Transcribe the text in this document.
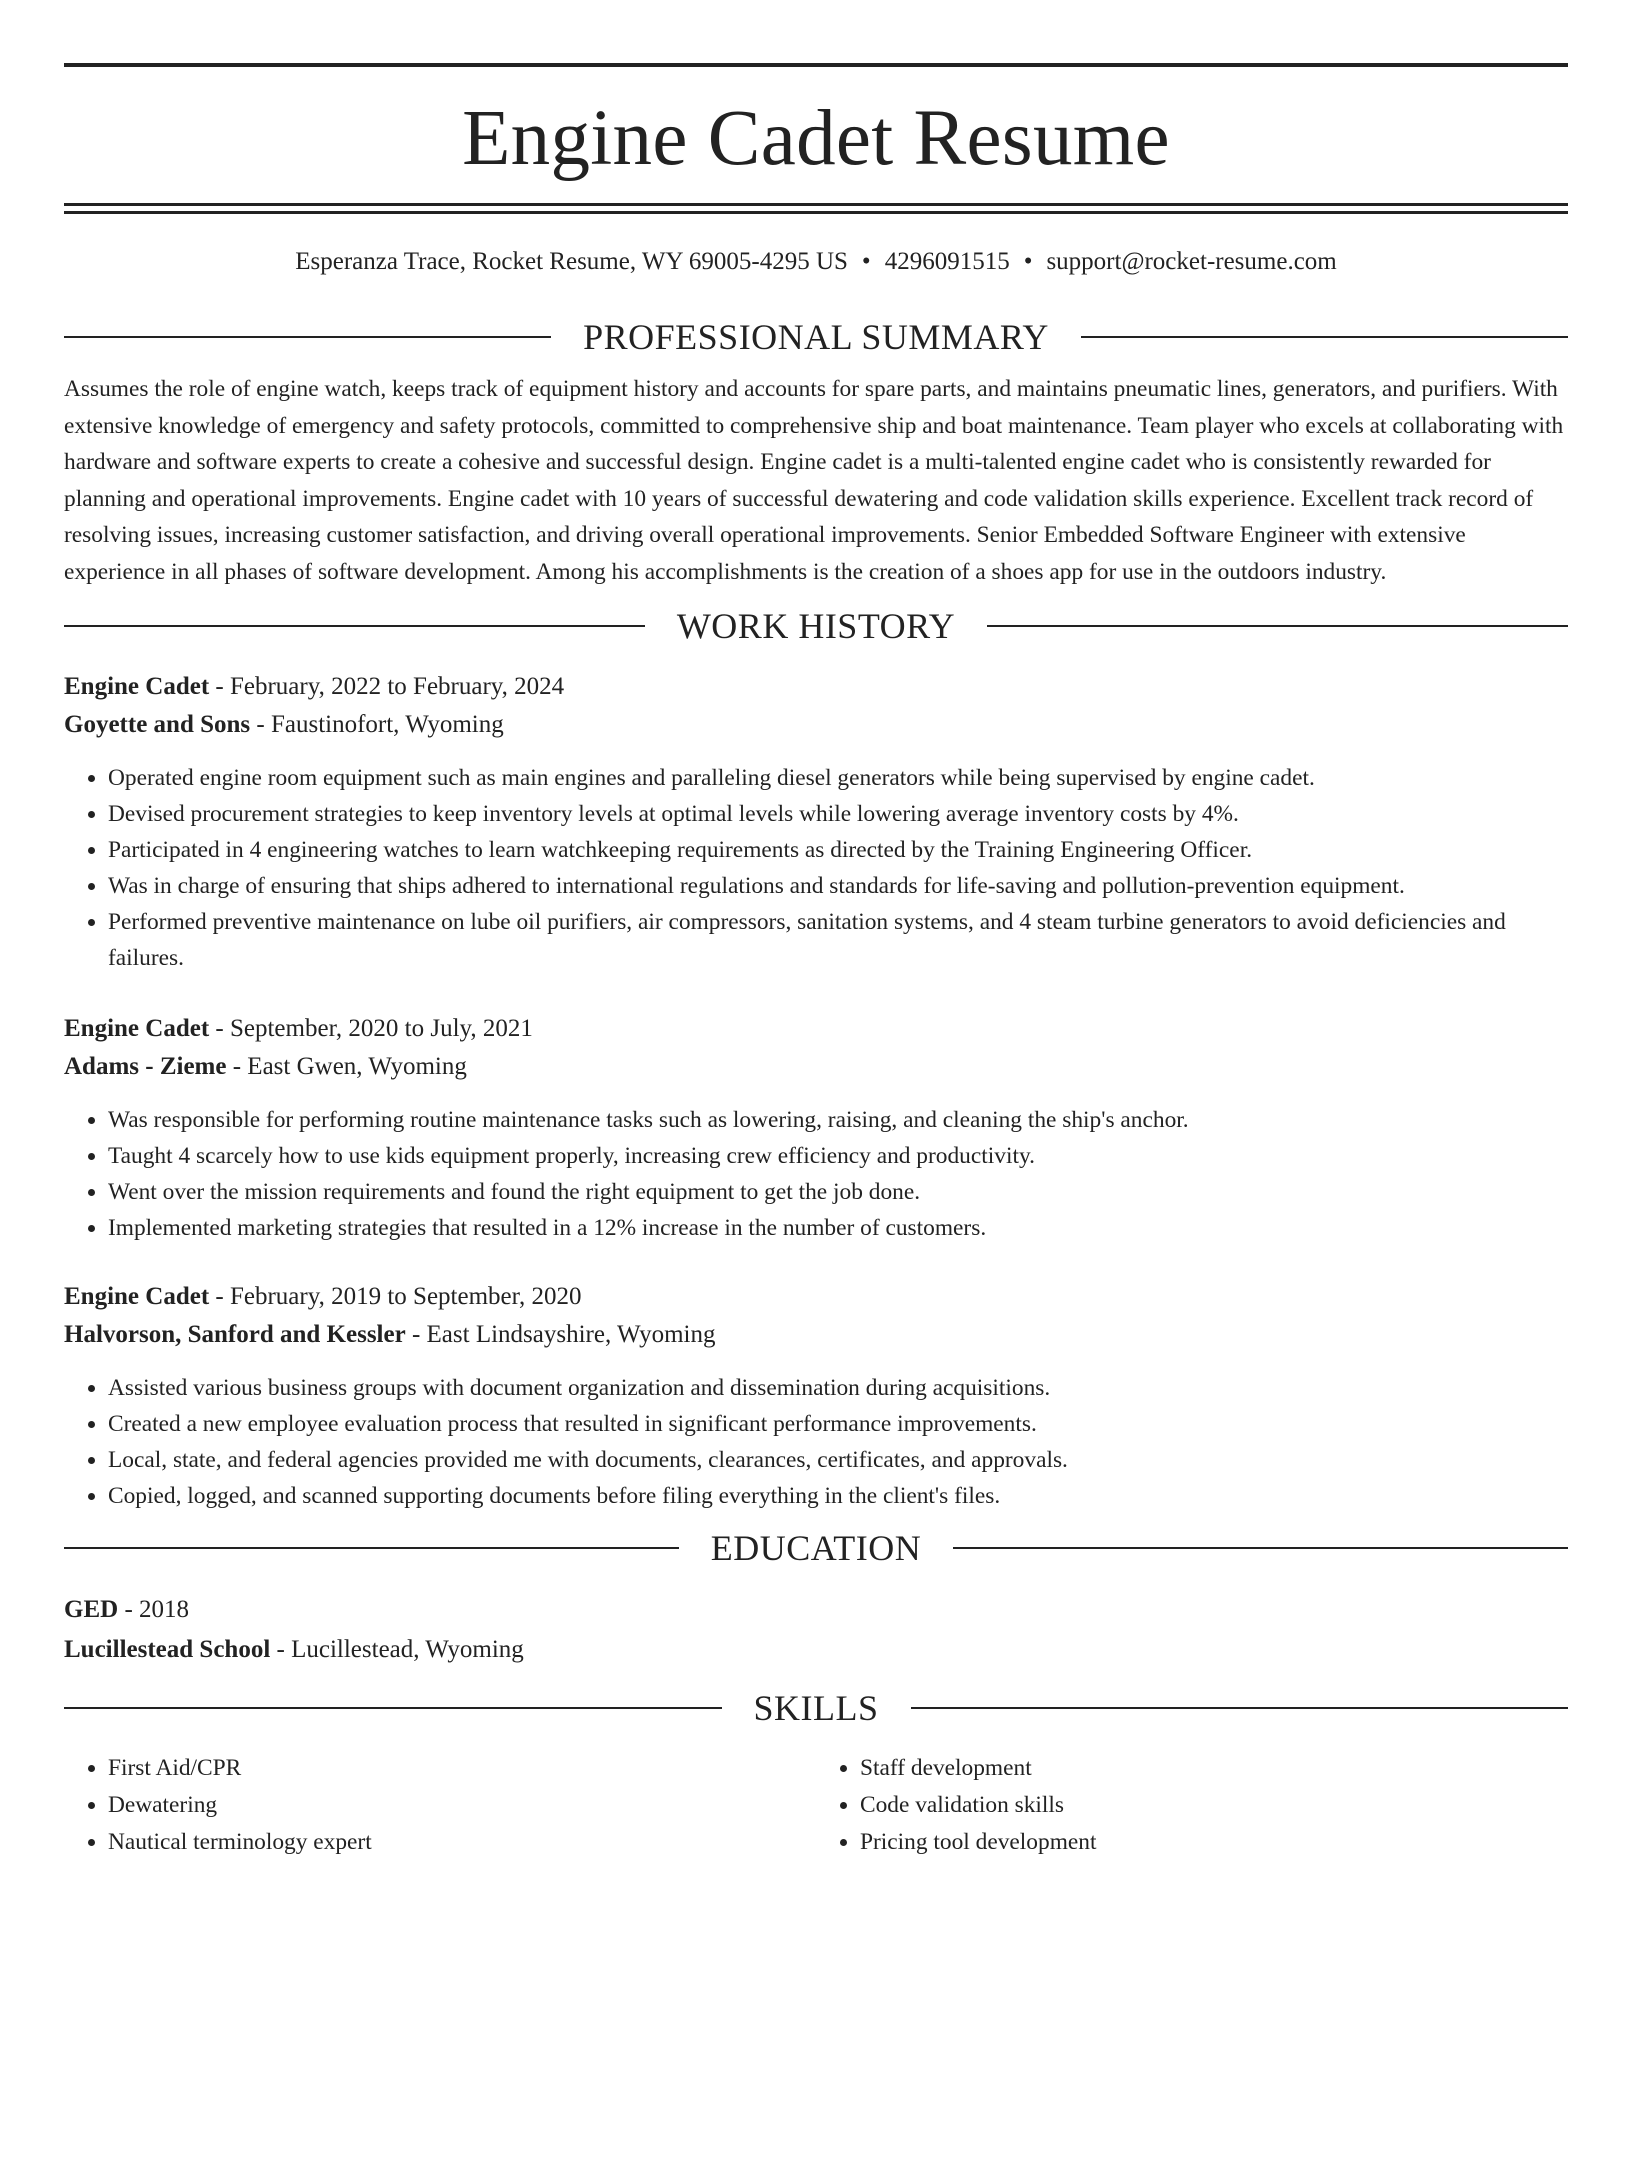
Engine Cadet Resume
Esperanza Trace, Rocket Resume, WY 69005-4295 US • 4296091515 • support@rocket-resume.com
PROFESSIONAL SUMMARY

Assumes the role of engine watch, keeps track of equipment history and accounts for spare parts, and maintains pneumatic lines, generators, and purifiers. With extensive knowledge of emergency and safety protocols, committed to comprehensive ship and boat maintenance. Team player who excels at collaborating with hardware and software experts to create a cohesive and successful design. Engine cadet is a multi-talented engine cadet who is consistently rewarded for planning and operational improvements. Engine cadet with 10 years of successful dewatering and code validation skills experience. Excellent track record of resolving issues, increasing customer satisfaction, and driving overall operational improvements. Senior Embedded Software Engineer with extensive experience in all phases of software development. Among his accomplishments is the creation of a shoes app for use in the outdoors industry.

WORK HISTORY
Engine Cadet - February, 2022 to February, 2024
Goyette and Sons - Faustinofort, Wyoming
• Operated engine room equipment such as main engines and paralleling diesel generators while being supervised by engine cadet.
• Devised procurement strategies to keep inventory levels at optimal levels while lowering average inventory costs by 4%.
• Participated in 4 engineering watches to learn watchkeeping requirements as directed by the Training Engineering Officer.
• Was in charge of ensuring that ships adhered to international regulations and standards for life-saving and pollution-prevention equipment.
• Performed preventive maintenance on lube oil purifiers, air compressors, sanitation systems, and 4 steam turbine generators to avoid deficiencies and failures.
Engine Cadet - September, 2020 to July, 2021
Adams - Zieme - East Gwen, Wyoming
• Was responsible for performing routine maintenance tasks such as lowering, raising, and cleaning the ship's anchor.
• Taught 4 scarcely how to use kids equipment properly, increasing crew efficiency and productivity.
• Went over the mission requirements and found the right equipment to get the job done.
• Implemented marketing strategies that resulted in a 12% increase in the number of customers.
Engine Cadet - February, 2019 to September, 2020
Halvorson, Sanford and Kessler - East Lindsayshire, Wyoming
• Assisted various business groups with document organization and dissemination during acquisitions.
• Created a new employee evaluation process that resulted in significant performance improvements.
• Local, state, and federal agencies provided me with documents, clearances, certificates, and approvals.
• Copied, logged, and scanned supporting documents before filing everything in the client's files.
EDUCATION
GED - 2018
Lucillestead School - Lucillestead, Wyoming
SKILLS
• First Aid/CPR
• Dewatering
• Nautical terminology expert
• Staff development
• Code validation skills
• Pricing tool development
